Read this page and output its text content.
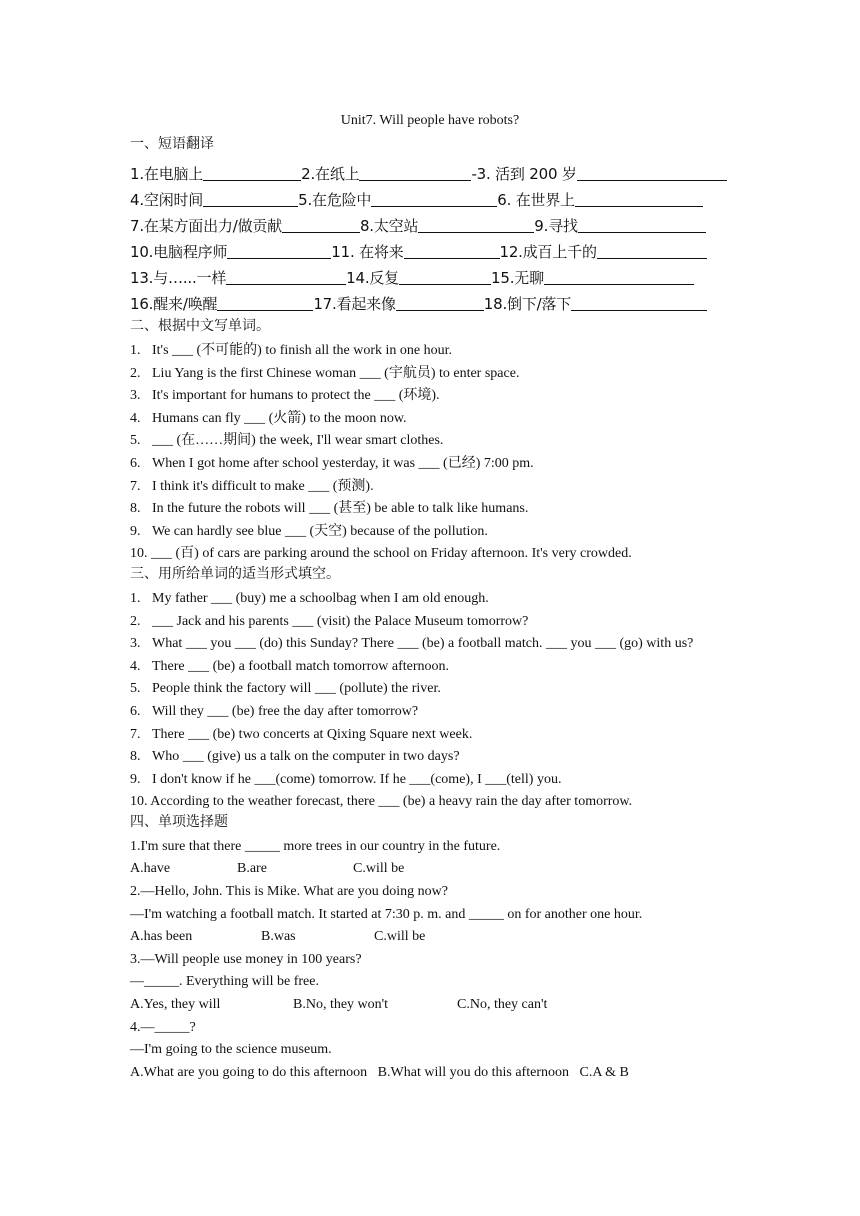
Unit7. Will people have robots?
一、短语翻译
1.在电脑上	2.在纸上	-3. 活到 200 岁
4.空闲时间	5.在危险中	6. 在世界上
7.在某方面出力/做贡献	8.太空站	9.寻找
10.电脑程序师	11. 在将来	12.成百上千的
13.与…...一样	14.反复	15.无聊
16.醒来/唤醒	17.看起来像	18.倒下/落下
二、根据中文写单词。
1. It's ___ (不可能的) to finish all the work in one hour.
2. Liu Yang is the first Chinese woman ___ (宇航员) to enter space.
3. It's important for humans to protect the ___ (环境).
4. Humans can fly ___ (火箭) to the moon now.
5. ___ (在……期间) the week, I'll wear smart clothes.
6. When I got home after school yesterday, it was ___ (已经) 7:00 pm.
7. I think it's difficult to make ___ (预测).
8. In the future the robots will ___ (甚至) be able to talk like humans.
9. We can hardly see blue ___ (天空) because of the pollution.
10. ___ (百) of cars are parking around the school on Friday afternoon. It's very crowded.
三、用所给单词的适当形式填空。
1. My father ___ (buy) me a schoolbag when I am old enough.
2. ___ Jack and his parents ___ (visit) the Palace Museum tomorrow?
3. What ___ you ___ (do) this Sunday? There ___ (be) a football match. ___ you ___ (go) with us?
4. There ___ (be) a football match tomorrow afternoon.
5. People think the factory will ___ (pollute) the river.
6. Will they ___ (be) free the day after tomorrow?
7. There ___ (be) two concerts at Qixing Square next week.
8. Who ___ (give) us a talk on the computer in two days?
9. I don't know if he ___(come) tomorrow. If he ___(come), I ___(tell) you.
10. According to the weather forecast, there ___ (be) a heavy rain the day after tomorrow.
四、单项选择题
1.I'm sure that there _____ more trees in our country in the future.
A.have	B.are	C.will be
2.—Hello, John. This is Mike. What are you doing now?
—I'm watching a football match. It started at 7:30 p. m. and _____ on for another one hour.
A.has been	B.was	C.will be
3.—Will people use money in 100 years?
—_____. Everything will be free.
A.Yes, they will	B.No, they won't	C.No, they can't
4.—_____?
—I'm going to the science museum.
A.What are you going to do this afternoon B.What will you do this afternoon C.A & B
